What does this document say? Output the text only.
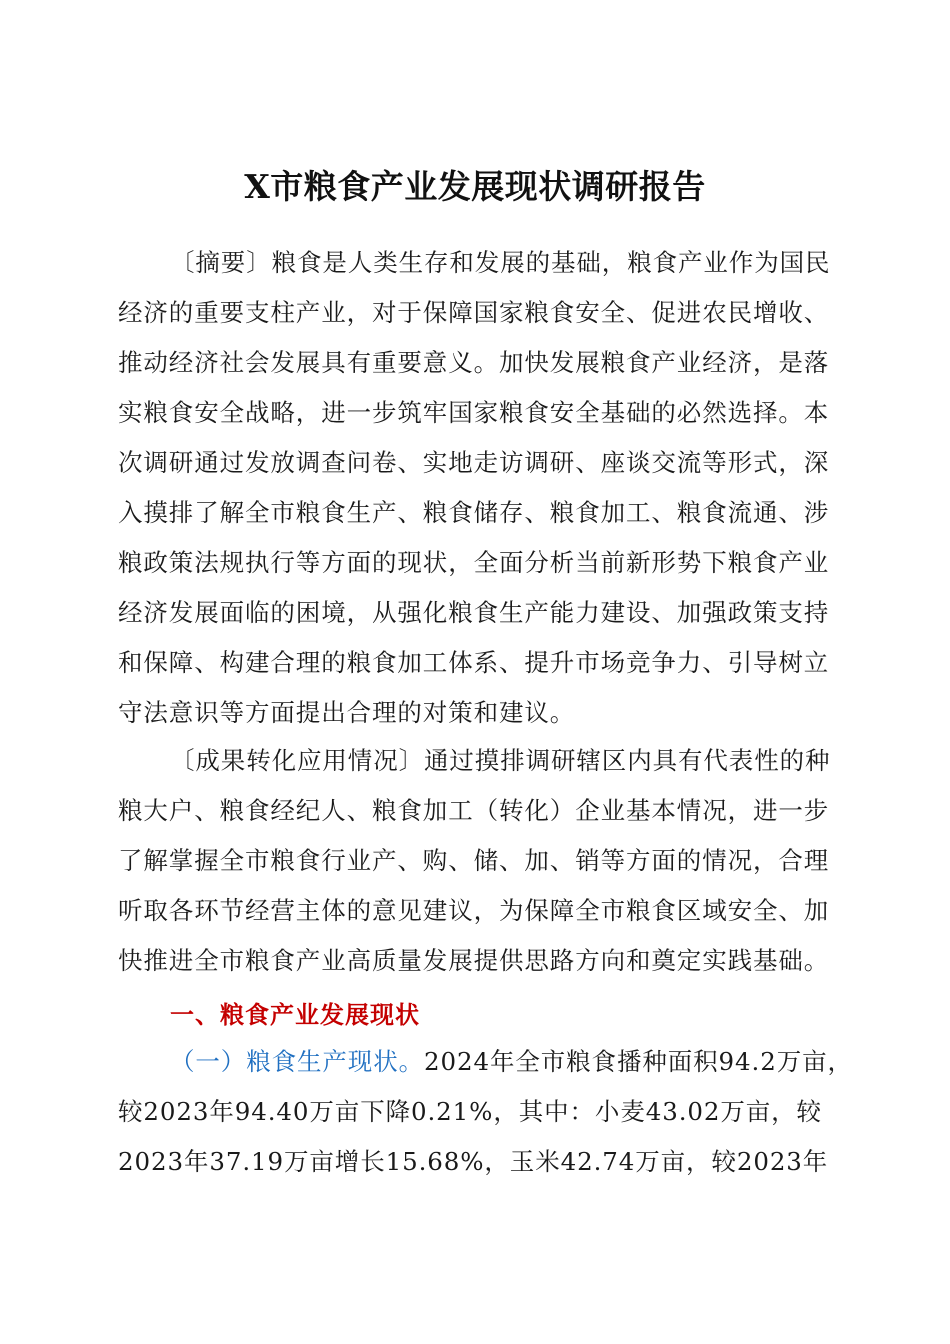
X市粮食产业发展现状调研报告
〔摘要〕粮食是人类生存和发展的基础，粮食产业作为国民
经济的重要支柱产业，对于保障国家粮食安全、促进农民增收、
推动经济社会发展具有重要意义。加快发展粮食产业经济，是落
实粮食安全战略，进一步筑牢国家粮食安全基础的必然选择。本
次调研通过发放调查问卷、实地走访调研、座谈交流等形式，深
入摸排了解全市粮食生产、粮食储存、粮食加工、粮食流通、涉
粮政策法规执行等方面的现状，全面分析当前新形势下粮食产业
经济发展面临的困境，从强化粮食生产能力建设、加强政策支持
和保障、构建合理的粮食加工体系、提升市场竞争力、引导树立
守法意识等方面提出合理的对策和建议。
〔成果转化应用情况〕通过摸排调研辖区内具有代表性的种
粮大户、粮食经纪人、粮食加工（转化）企业基本情况，进一步
了解掌握全市粮食行业产、购、储、加、销等方面的情况，合理
听取各环节经营主体的意见建议，为保障全市粮食区域安全、加
快推进全市粮食产业高质量发展提供思路方向和奠定实践基础。
一、粮食产业发展现状
（一）粮食生产现状。2024年全市粮食播种面积94.2万亩，
较2023年94.40万亩下降0.21%，其中：小麦43.02万亩，较
2023年37.19万亩增长15.68%，玉米42.74万亩，较2023年
